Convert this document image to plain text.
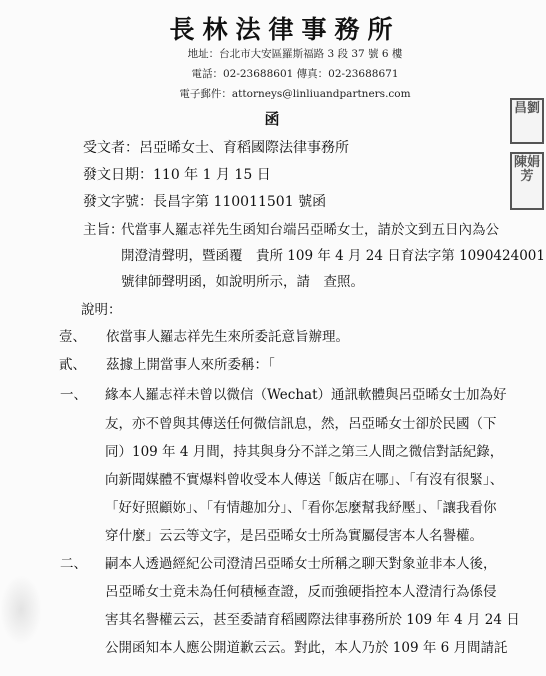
長林法律事務所
地址：台北市大安區羅斯福路 3 段 37 號 6 樓
電話：02-23688601 傳真：02-23688671
電子郵件：attorneys@linliuandpartners.com
函
昌劉
陳娟芳
受文者：呂亞晞女士、育稻國際法律事務所
發文日期：110 年 1 月 15 日
發文字號：長昌字第 110011501 號函
主旨：
代當事人羅志祥先生函知台端呂亞晞女士，請於文到五日內為公
開澄清聲明，暨函覆　貴所 109 年 4 月 24 日育法字第 1090424001
號律師聲明函，如說明所示，請　查照。
說明：
壹、 依當事人羅志祥先生來所委託意旨辦理。
貳、 茲據上開當事人來所委稱：「
一、 緣本人羅志祥未曾以微信（Wechat）通訊軟體與呂亞晞女士加為好
友，亦不曾與其傳送任何微信訊息，然，呂亞晞女士卻於民國（下
同）109 年 4 月間，持其與身分不詳之第三人間之微信對話紀錄，
向新聞媒體不實爆料曾收受本人傳送「飯店在哪」、「有沒有很緊」、
「好好照顧妳」、「有情趣加分」、「看你怎麼幫我紓壓」、「讓我看你
穿什麼」云云等文字，是呂亞晞女士所為實屬侵害本人名譽權。
二、 嗣本人透過經紀公司澄清呂亞晞女士所稱之聊天對象並非本人後，
呂亞晞女士竟未為任何積極查證，反而強硬指控本人澄清行為係侵
害其名譽權云云，甚至委請育稻國際法律事務所於 109 年 4 月 24 日
公開函知本人應公開道歉云云。對此，本人乃於 109 年 6 月間請託
